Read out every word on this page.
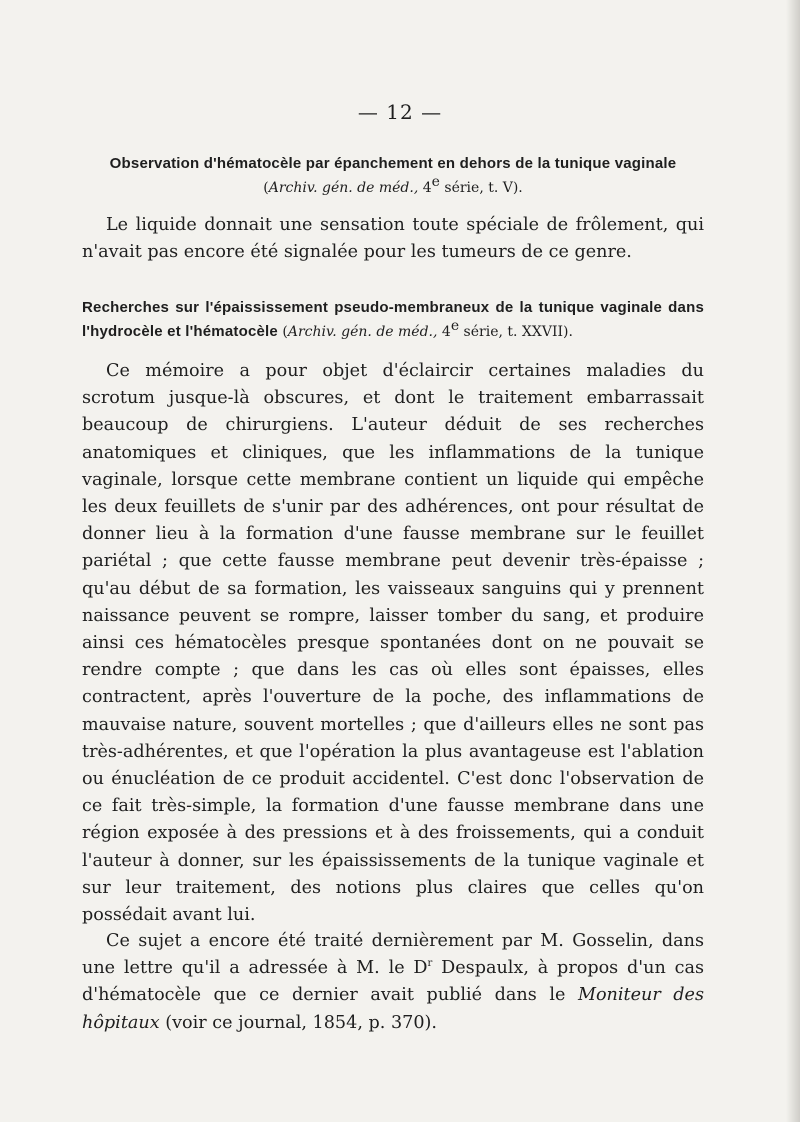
— 12 —
Observation d'hématocèle par épanchement en dehors de la tunique vaginale (Archiv. gén. de méd., 4e série, t. V).

Le liquide donnait une sensation toute spéciale de frôlement, qui n'avait pas encore été signalée pour les tumeurs de ce genre.

Recherches sur l'épaississement pseudo-membraneux de la tunique vaginale dans l'hydrocèle et l'hématocèle (Archiv. gén. de méd., 4e série, t. XXVII).

Ce mémoire a pour objet d'éclaircir certaines maladies du scrotum jusque-là obscures, et dont le traitement embarrassait beaucoup de chirurgiens. L'auteur déduit de ses recherches anatomiques et cliniques, que les inflammations de la tunique vaginale, lorsque cette membrane contient un liquide qui empêche les deux feuillets de s'unir par des adhérences, ont pour résultat de donner lieu à la formation d'une fausse membrane sur le feuillet pariétal ; que cette fausse membrane peut devenir très-épaisse ; qu'au début de sa formation, les vaisseaux sanguins qui y prennent naissance peuvent se rompre, laisser tomber du sang, et produire ainsi ces hématocèles presque spontanées dont on ne pouvait se rendre compte ; que dans les cas où elles sont épaisses, elles contractent, après l'ouverture de la poche, des inflammations de mauvaise nature, souvent mortelles ; que d'ailleurs elles ne sont pas très-adhérentes, et que l'opération la plus avantageuse est l'ablation ou énucléation de ce produit accidentel. C'est donc l'observation de ce fait très-simple, la formation d'une fausse membrane dans une région exposée à des pressions et à des froissements, qui a conduit l'auteur à donner, sur les épaississements de la tunique vaginale et sur leur traitement, des notions plus claires que celles qu'on possédait avant lui.

Ce sujet a encore été traité dernièrement par M. Gosselin, dans une lettre qu'il a adressée à M. le $D^r$ Despaulx, à propos d'un cas d'hématocèle que ce dernier avait publié dans le Moniteur des hôpitaux (voir ce journal, 1854, p. 370).
